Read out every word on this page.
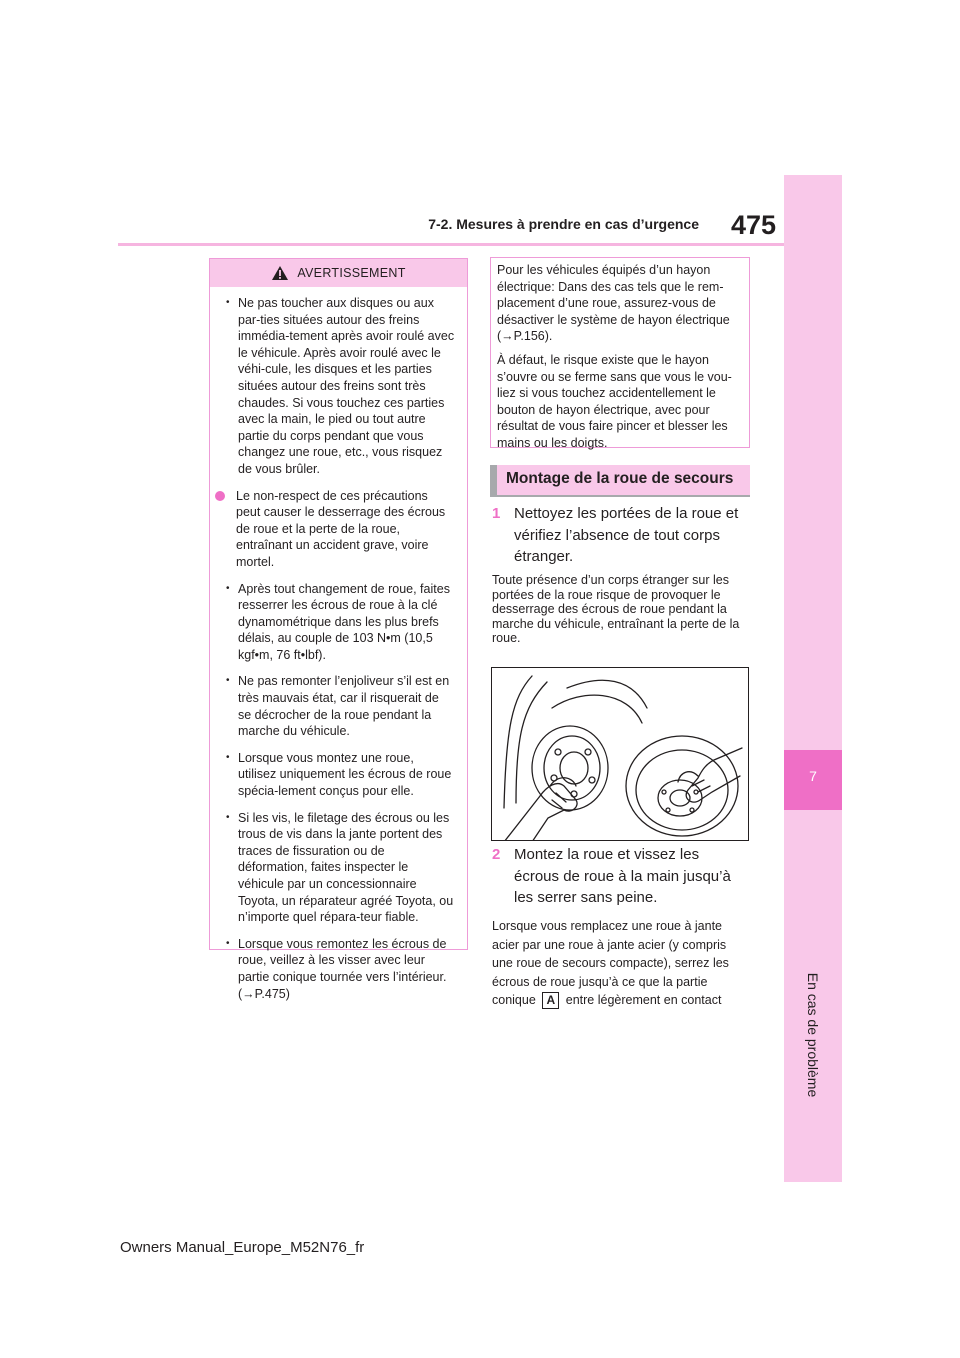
7
En cas de problème
7-2. Mesures à prendre en cas d’urgence	475
AVERTISSEMENT
• Ne pas toucher aux disques ou aux par-ties situées autour des freins immédia-tement après avoir roulé avec le véhicule. Après avoir roulé avec le véhi-cule, les disques et les parties situées autour des freins sont très chaudes. Si vous touchez ces parties avec la main, le pied ou tout autre partie du corps pendant que vous changez une roue, etc., vous risquez de vous brûler.
Le non-respect de ces précautions peut causer le desserrage des écrous de roue et la perte de la roue, entraînant un accident grave, voire mortel.
• Après tout changement de roue, faites resserrer les écrous de roue à la clé dynamométrique dans les plus brefs délais, au couple de 103 N•m (10,5 kgf•m, 76 ft•lbf).
• Ne pas remonter l’enjoliveur s’il est en très mauvais état, car il risquerait de se décrocher de la roue pendant la marche du véhicule.
• Lorsque vous montez une roue, utilisez uniquement les écrous de roue spécia-lement conçus pour elle.
• Si les vis, le filetage des écrous ou les trous de vis dans la jante portent des traces de fissuration ou de déformation, faites inspecter le véhicule par un concessionnaire Toyota, un réparateur agréé Toyota, ou n’importe quel répara-teur fiable.
• Lorsque vous remontez les écrous de roue, veillez à les visser avec leur partie conique tournée vers l’intérieur. (→P.475)

Pour les véhicules équipés d’un hayon électrique: Dans des cas tels que le rem-placement d’une roue, assurez-vous de désactiver le système de hayon électrique (→P.156).

À défaut, le risque existe que le hayon s’ouvre ou se ferme sans que vous le vou-liez si vous touchez accidentellement le bouton de hayon électrique, avec pour résultat de vous faire pincer et blesser les mains ou les doigts.

Montage de la roue de secours
1 Nettoyez les portées de la roue et vérifiez l’absence de tout corps étranger.
Toute présence d’un corps étranger sur les portées de la roue risque de provoquer le desserrage des écrous de roue pendant la marche du véhicule, entraînant la perte de la roue.
2 Montez la roue et vissez les écrous de roue à la main jusqu’à les serrer sans peine.
Lorsque vous remplacez une roue à jante acier par une roue à jante acier (y compris une roue de secours compacte), serrez les écrous de roue jusqu’à ce que la partie conique A entre légèrement en contact
Owners Manual_Europe_M52N76_fr
